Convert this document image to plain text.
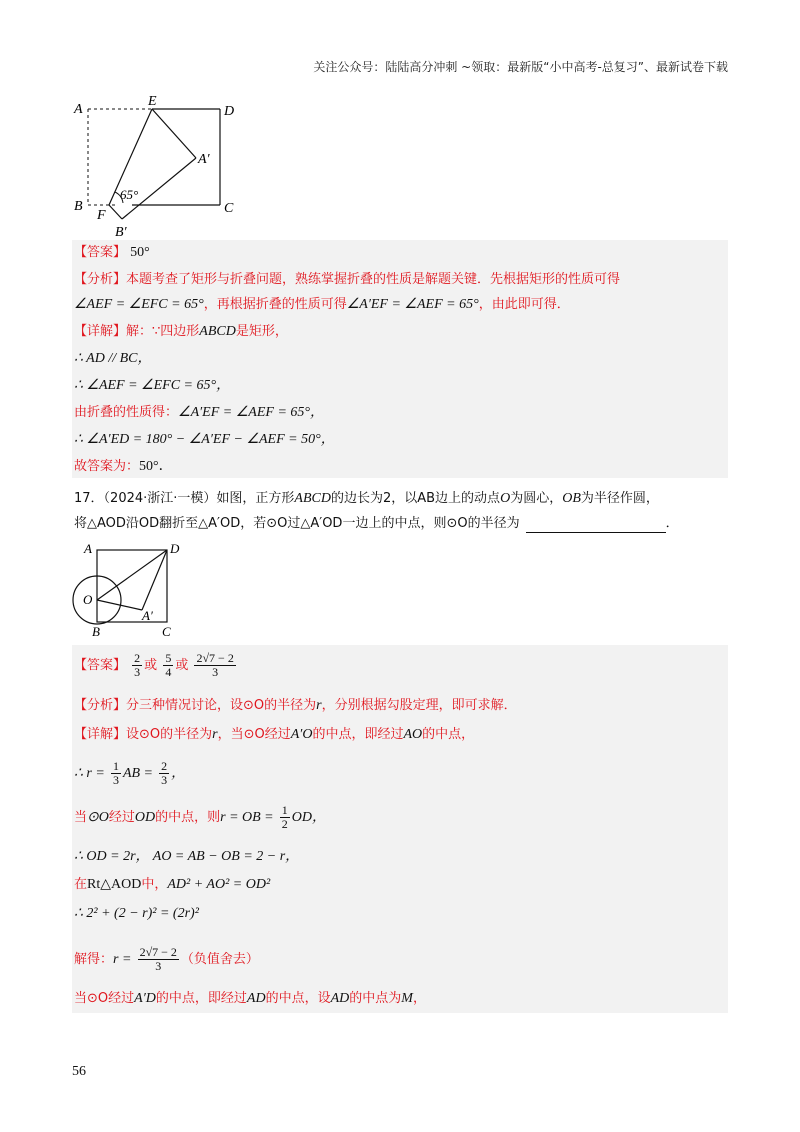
关注公众号：陆陆高分冲刺 ~领取：最新版“小中高考-总复习”、最新试卷下载
A
E
D
A′
65°
B
F	C
B′
【答案】 50°
【分析】本题考查了矩形与折叠问题，熟练掌握折叠的性质是解题关键．先根据矩形的性质可得
∠AEF = ∠EFC = 65°，再根据折叠的性质可得∠A′EF = ∠AEF = 65°，由此即可得．
【详解】解：∵四边形ABCD是矩形，
∴ AD // BC，
∴ ∠AEF = ∠EFC = 65°，
由折叠的性质得：∠A′EF = ∠AEF = 65°，
∴ ∠A′ED = 180° − ∠A′EF − ∠AEF = 50°，
故答案为：50°．
17．（2024·浙江·一模）如图，正方形ABCD的边长为2，以AB边上的动点O为圆心，OB为半径作圆，
将△AOD沿OD翻折至△A′OD，若⊙O过△A′OD一边上的中点，则⊙O的半径为	．
A	D
O
A′
B	C
【答案】 $\frac{2}{3}$ 或 $\frac{5}{4}$ 或 $\frac{2√7 - 2}{3}$
【分析】分三种情况讨论，设⊙O的半径为r，分别根据勾股定理，即可求解．
【详解】设⊙O的半径为r，当⊙O经过A′O的中点，即经过AO的中点，
∴ $r = \frac{1}{3}$ AB = $\frac{2}{3}$ ，
当⊙O经过OD的中点，则r = OB = $\frac{1}{2}$ OD，
∴ OD = 2r， AO = AB − OB = 2 − r，
在Rt△AOD中，AD² + AO² = OD²
∴ 2² + (2 − r)² = (2r)²
解得：$r = \frac{2√7 - 2}{3}$ （负值舍去）
当⊙O经过A′D的中点，即经过AD的中点，设AD的中点为M，
56
